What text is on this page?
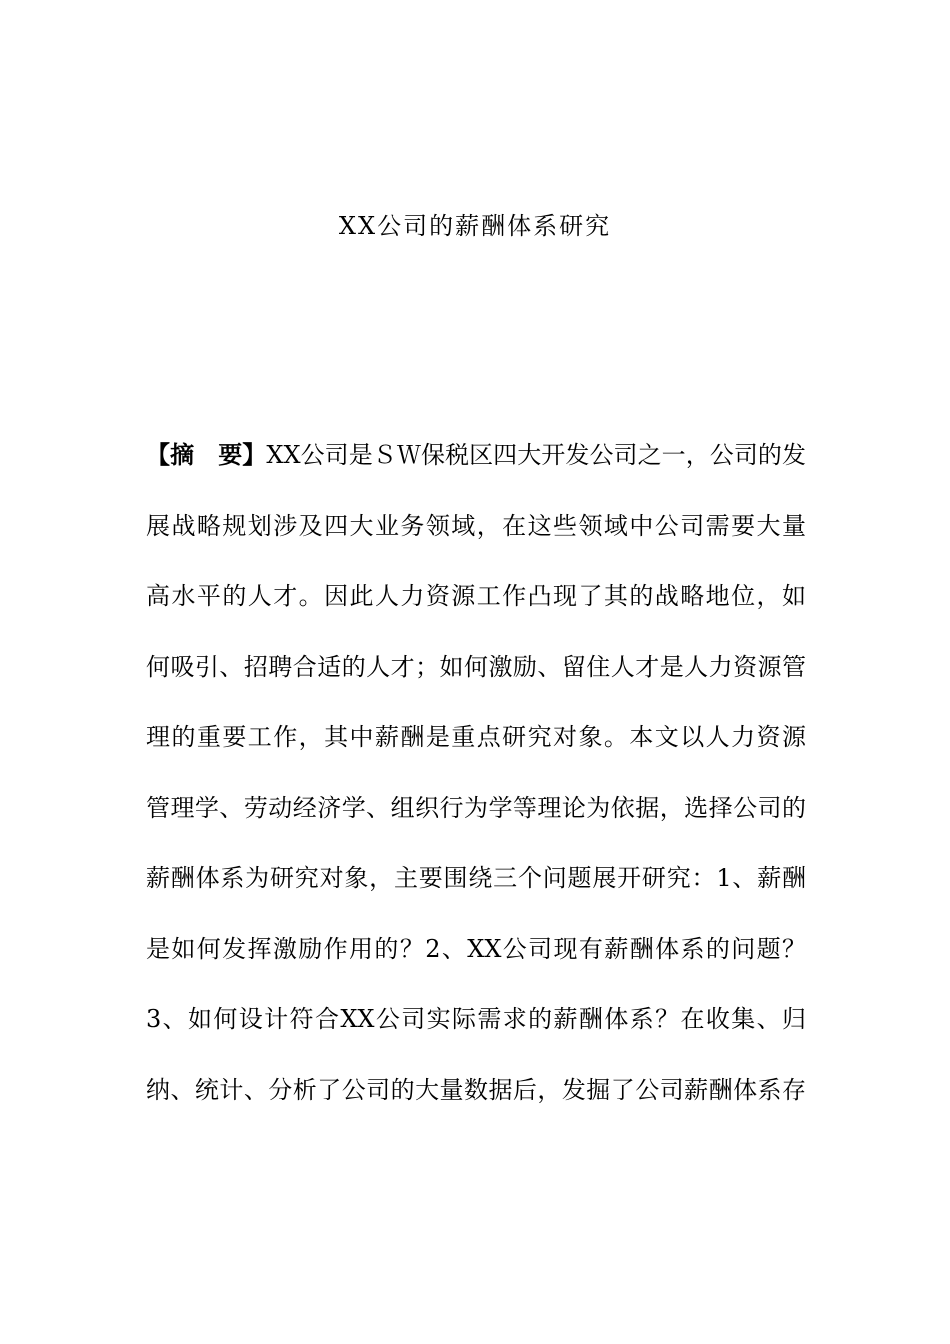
XX公司的薪酬体系研究
【摘　要】XX公司是ＳＷ保税区四大开发公司之一，公司的发
展战略规划涉及四大业务领域，在这些领域中公司需要大量
高水平的人才。因此人力资源工作凸现了其的战略地位，如
何吸引、招聘合适的人才；如何激励、留住人才是人力资源管
理的重要工作，其中薪酬是重点研究对象。本文以人力资源
管理学、劳动经济学、组织行为学等理论为依据，选择公司的
薪酬体系为研究对象，主要围绕三个问题展开研究：1、薪酬
是如何发挥激励作用的？2、XX公司现有薪酬体系的问题？
3、如何设计符合XX公司实际需求的薪酬体系？在收集、归
纳、统计、分析了公司的大量数据后，发掘了公司薪酬体系存
